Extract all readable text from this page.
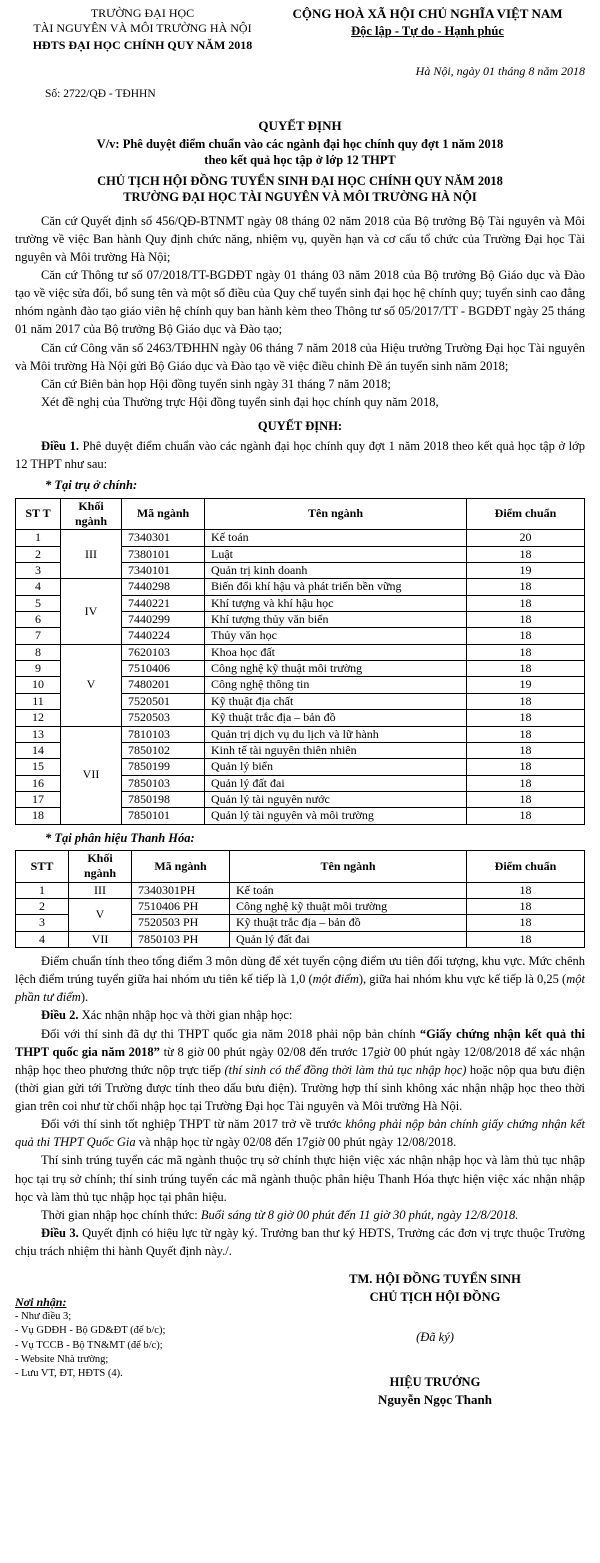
TRƯỜNG ĐẠI HỌC
TÀI NGUYÊN VÀ MÔI TRƯỜNG HÀ NỘI
HĐTS ĐẠI HỌC CHÍNH QUY NĂM 2018
CỘNG HOÀ XÃ HỘI CHỦ NGHĨA VIỆT NAM
Độc lập - Tự do - Hạnh phúc
Hà Nội, ngày 01 tháng 8 năm 2018
Số: 2722/QĐ - TĐHHN
QUYẾT ĐỊNH
V/v: Phê duyệt điểm chuẩn vào các ngành đại học chính quy đợt 1 năm 2018
theo kết quả học tập ở lớp 12 THPT
CHỦ TỊCH HỘI ĐỒNG TUYỂN SINH ĐẠI HỌC CHÍNH QUY NĂM 2018
TRƯỜNG ĐẠI HỌC TÀI NGUYÊN VÀ MÔI TRƯỜNG HÀ NỘI

Căn cứ Quyết định số 456/QĐ-BTNMT ngày 08 tháng 02 năm 2018 của Bộ trưởng Bộ Tài nguyên và Môi trường về việc Ban hành Quy định chức năng, nhiệm vụ, quyền hạn và cơ cấu tổ chức của Trường Đại học Tài nguyên và Môi trường Hà Nội;

Căn cứ Thông tư số 07/2018/TT-BGDĐT ngày 01 tháng 03 năm 2018 của Bộ trưởng Bộ Giáo dục và Đào tạo về việc sửa đổi, bổ sung tên và một số điều của Quy chế tuyển sinh đại học hệ chính quy; tuyển sinh cao đẳng nhóm ngành đào tạo giáo viên hệ chính quy ban hành kèm theo Thông tư số 05/2017/TT - BGDĐT ngày 25 tháng 01 năm 2017 của Bộ trưởng Bộ Giáo dục và Đào tạo;

Căn cứ Công văn số 2463/TĐHHN ngày 06 tháng 7 năm 2018 của Hiệu trưởng Trường Đại học Tài nguyên và Môi trường Hà Nội gửi Bộ Giáo dục và Đào tạo về việc điều chỉnh Đề án tuyển sinh năm 2018;

Căn cứ Biên bản họp Hội đồng tuyển sinh ngày 31 tháng 7 năm 2018;

Xét đề nghị của Thường trực Hội đồng tuyển sinh đại học chính quy năm 2018,

QUYẾT ĐỊNH:

Điều 1. Phê duyệt điểm chuẩn vào các ngành đại học chính quy đợt 1 năm 2018 theo kết quả học tập ở lớp 12 THPT như sau:

* Tại trụ ở chính:
ST T	Khối ngành	Mã ngành	Tên ngành	Điểm chuẩn
1	III	7340301	Kế toán	20
2		7380101	Luật	18
3		7340101	Quản trị kinh doanh	19
4	IV	7440298	Biến đổi khí hậu và phát triển bền vững	18
5		7440221	Khí tượng và khí hậu học	18
6		7440299	Khí tượng thủy văn biển	18
7		7440224	Thủy văn học	18
8	V	7620103	Khoa học đất	18
9		7510406	Công nghệ kỹ thuật môi trường	18
10		7480201	Công nghệ thông tin	19
11		7520501	Kỹ thuật địa chất	18
12		7520503	Kỹ thuật trắc địa – bản đồ	18
13	VII	7810103	Quản trị dịch vụ du lịch và lữ hành	18
14		7850102	Kinh tế tài nguyên thiên nhiên	18
15		7850199	Quản lý biển	18
16		7850103	Quản lý đất đai	18
17		7850198	Quản lý tài nguyên nước	18
18		7850101	Quản lý tài nguyên và môi trường	18
* Tại phân hiệu Thanh Hóa:
STT	Khối ngành	Mã ngành	Tên ngành	Điểm chuẩn
1	III	7340301PH	Kế toán	18
2	V	7510406 PH	Công nghệ kỹ thuật môi trường	18
3		7520503 PH	Kỹ thuật trắc địa – bản đồ	18
4	VII	7850103 PH	Quản lý đất đai	18

Điểm chuẩn tính theo tổng điểm 3 môn dùng để xét tuyển cộng điểm ưu tiên đối tượng, khu vực. Mức chênh lệch điểm trúng tuyển giữa hai nhóm ưu tiên kế tiếp là 1,0 (một điểm), giữa hai nhóm khu vực kế tiếp là 0,25 (một phần tư điểm).

Điều 2. Xác nhận nhập học và thời gian nhập học:

Đối với thí sinh đã dự thi THPT quốc gia năm 2018 phải nộp bản chính “Giấy chứng nhận kết quả thi THPT quốc gia năm 2018” từ 8 giờ 00 phút ngày 02/08 đến trước 17giờ 00 phút ngày 12/08/2018 để xác nhận nhập học theo phương thức nộp trực tiếp (thí sinh có thể đồng thời làm thủ tục nhập học) hoặc nộp qua bưu điện (thời gian gửi tới Trường được tính theo dấu bưu điện). Trường hợp thí sinh không xác nhận nhập học theo thời gian trên coi như từ chối nhập học tại Trường Đại học Tài nguyên và Môi trường Hà Nội.

Đối với thí sinh tốt nghiệp THPT từ năm 2017 trở về trước không phải nộp bản chính giấy chứng nhận kết quả thi THPT Quốc Gia và nhập học từ ngày 02/08 đến 17giờ 00 phút ngày 12/08/2018.

Thí sinh trúng tuyển các mã ngành thuộc trụ sở chính thực hiện việc xác nhận nhập học và làm thủ tục nhập học tại trụ sở chính; thí sinh trúng tuyển các mã ngành thuộc phân hiệu Thanh Hóa thực hiện việc xác nhận nhập học và làm thủ tục nhập học tại phân hiệu.

Thời gian nhập học chính thức: Buổi sáng từ 8 giờ 00 phút đến 11 giờ 30 phút, ngày 12/8/2018.

Điều 3. Quyết định có hiệu lực từ ngày ký. Trưởng ban thư ký HĐTS, Trưởng các đơn vị trực thuộc Trường chịu trách nhiệm thi hành Quyết định này./.

Nơi nhận:
- Như điều 3;
- Vụ GDĐH - Bộ GD&ĐT (để b/c);
- Vụ TCCB - Bộ TN&MT (để b/c);
- Website Nhà trường;
- Lưu VT, ĐT, HĐTS (4).
TM. HỘI ĐỒNG TUYỂN SINH
CHỦ TỊCH HỘI ĐỒNG
(Đã ký)
HIỆU TRƯỞNG
Nguyễn Ngọc Thanh
